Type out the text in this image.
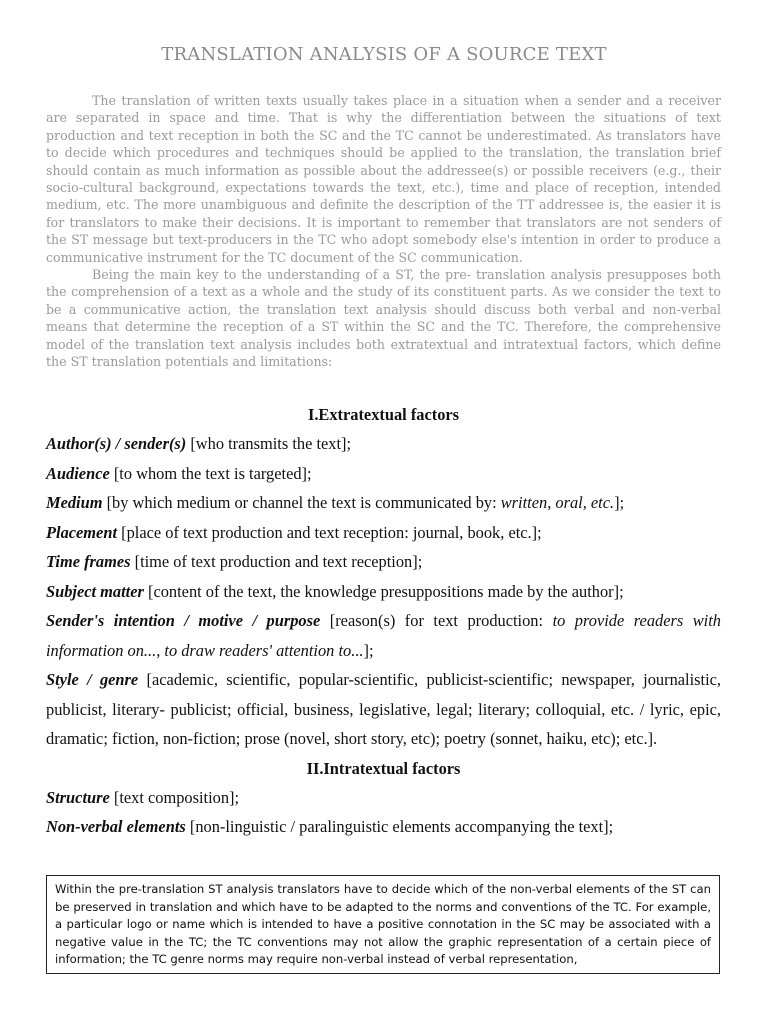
TRANSLATION ANALYSIS OF A SOURCE TEXT

The translation of written texts usually takes place in a situation when a sender and a receiver are separated in space and time. That is why the differentiation between the situations of text production and text reception in both the SC and the TC cannot be underestimated. As translators have to decide which procedures and techniques should be applied to the translation, the translation brief should contain as much information as possible about the addressee(s) or possible receivers (e.g., their socio-cultural background, expectations towards the text, etc.), time and place of reception, intended medium, etc. The more unambiguous and definite the description of the TT addressee is, the easier it is for translators to make their decisions. It is important to remember that translators are not senders of the ST message but text-producers in the TC who adopt somebody else's intention in order to produce a communicative instrument for the TC document of the SC communication.

Being the main key to the understanding of a ST, the pre- translation analysis presupposes both the comprehension of a text as a whole and the study of its constituent parts. As we consider the text to be a communicative action, the translation text analysis should discuss both verbal and non-verbal means that determine the reception of a ST within the SC and the TC. Therefore, the comprehensive model of the translation text analysis includes both extratextual and intratextual factors, which define the ST translation potentials and limitations:

I.Extratextual factors

Author(s) / sender(s) [who transmits the text];

Audience [to whom the text is targeted];

Medium [by which medium or channel the text is communicated by: written, oral, etc.];

Placement [place of text production and text reception: journal, book, etc.];

Time frames [time of text production and text reception];

Subject matter [content of the text, the knowledge presuppositions made by the author];

Sender's intention / motive / purpose [reason(s) for text production: to provide readers with information on..., to draw readers' attention to...];

Style / genre [academic, scientific, popular-scientific, publicist-scientific; newspaper, journalistic, publicist, literary- publicist; official, business, legislative, legal; literary; colloquial, etc. / lyric, epic, dramatic; fiction, non-fiction; prose (novel, short story, etc); poetry (sonnet, haiku, etc); etc.].

II.Intratextual factors

Structure [text composition];

Non-verbal elements [non-linguistic / paralinguistic elements accompanying the text];

Within the pre-translation ST analysis translators have to decide which of the non-verbal elements of the ST can be preserved in translation and which have to be adapted to the norms and conventions of the TC. For example, a particular logo or name which is intended to have a positive connotation in the SC may be associated with a negative value in the TC; the TC conventions may not allow the graphic representation of a certain piece of information; the TC genre norms may require non-verbal instead of verbal representation,
